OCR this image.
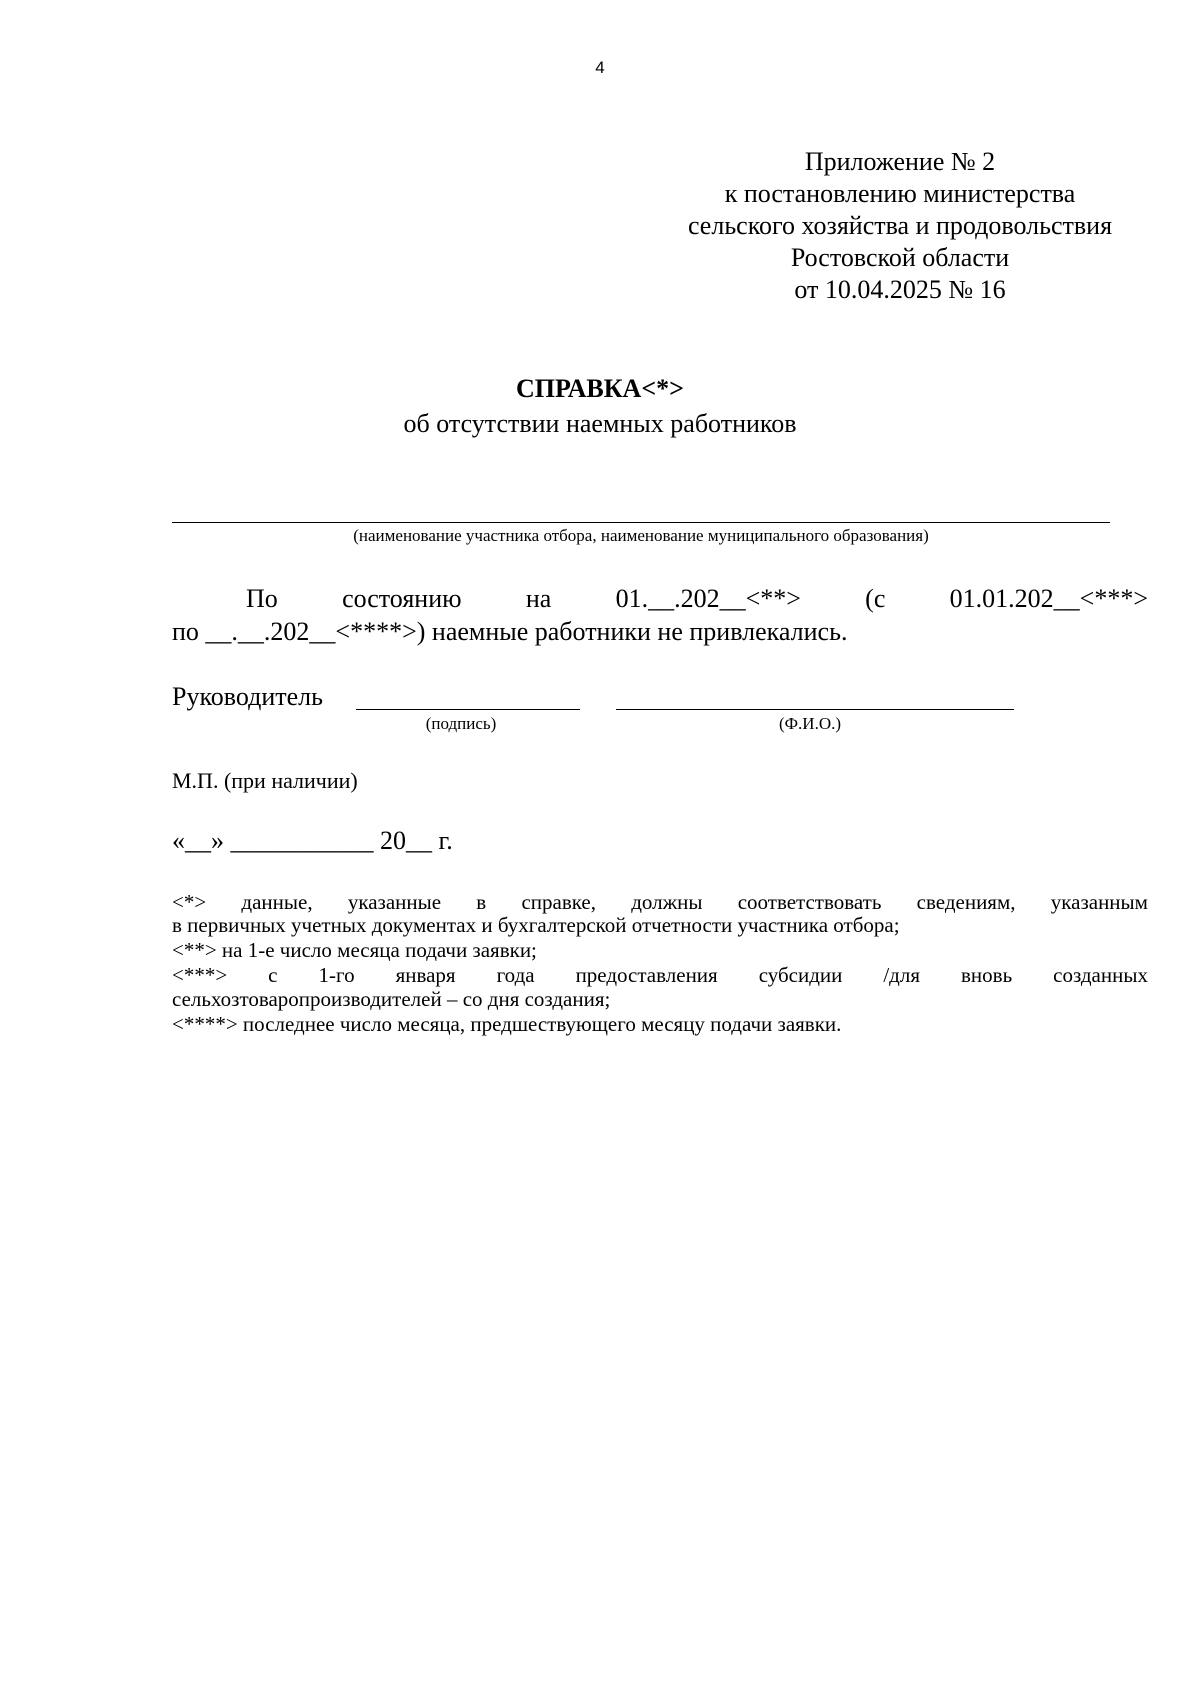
4
Приложение № 2
к постановлению министерства
сельского хозяйства и продовольствия
Ростовской области
от 10.04.2025 № 16
СПРАВКА<*>
об отсутствии наемных работников
(наименование участника отбора, наименование муниципального образования)
По состоянию на 01.__.202__<**> (с 01.01.202__<***>
по __.__.202__<****>) наемные работники не привлекались.
Руководитель
(подпись)	(Ф.И.О.)
М.П. (при наличии)
«__» ___________ 20__ г.
<*> данные, указанные в справке, должны соответствовать сведениям, указанным
в первичных учетных документах и бухгалтерской отчетности участника отбора;
<**> на 1-е число месяца подачи заявки;
<***> с 1-го января года предоставления субсидии /для вновь созданных
сельхозтоваропроизводителей – со дня создания;
<****> последнее число месяца, предшествующего месяцу подачи заявки.
